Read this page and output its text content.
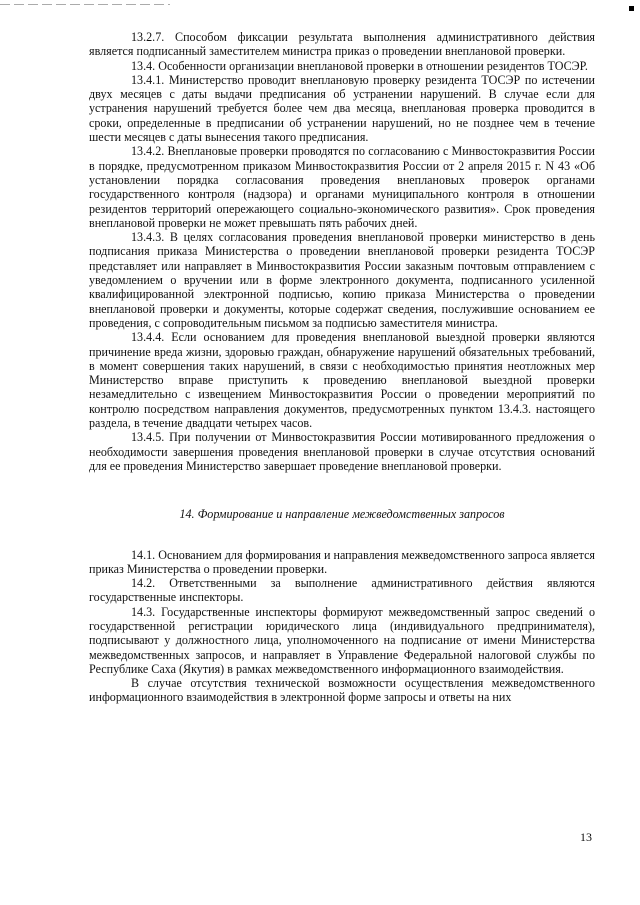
13.2.7. Способом фиксации результата выполнения административного действия является подписанный заместителем министра приказ о проведении внеплановой проверки.

13.4. Особенности организации внеплановой проверки в отношении резидентов ТОСЭР.

13.4.1. Министерство проводит внеплановую проверку резидента ТОСЭР по истечении двух месяцев с даты выдачи предписания об устранении нарушений. В случае если для устранения нарушений требуется более чем два месяца, внеплановая проверка проводится в сроки, определенные в предписании об устранении нарушений, но не позднее чем в течение шести месяцев с даты вынесения такого предписания.

13.4.2. Внеплановые проверки проводятся по согласованию с Минвостокразвития России в порядке, предусмотренном приказом Минвостокразвития России от 2 апреля 2015 г. N 43 «Об установлении порядка согласования проведения внеплановых проверок органами государственного контроля (надзора) и органами муниципального контроля в отношении резидентов территорий опережающего социально-экономического развития». Срок проведения внеплановой проверки не может превышать пять рабочих дней.

13.4.3. В целях согласования проведения внеплановой проверки министерство в день подписания приказа Министерства о проведении внеплановой проверки резидента ТОСЭР представляет или направляет в Минвостокразвития России заказным почтовым отправлением с уведомлением о вручении или в форме электронного документа, подписанного усиленной квалифицированной электронной подписью, копию приказа Министерства о проведении внеплановой проверки и документы, которые содержат сведения, послужившие основанием ее проведения, с сопроводительным письмом за подписью заместителя министра.

13.4.4. Если основанием для проведения внеплановой выездной проверки являются причинение вреда жизни, здоровью граждан, обнаружение нарушений обязательных требований, в момент совершения таких нарушений, в связи с необходимостью принятия неотложных мер Министерство вправе приступить к проведению внеплановой выездной проверки незамедлительно с извещением Минвостокразвития России о проведении мероприятий по контролю посредством направления документов, предусмотренных пунктом 13.4.3. настоящего раздела, в течение двадцати четырех часов.

13.4.5. При получении от Минвостокразвития России мотивированного предложения о необходимости завершения проведения внеплановой проверки в случае отсутствия оснований для ее проведения Министерство завершает проведение внеплановой проверки.

14. Формирование и направление межведомственных запросов

14.1. Основанием для формирования и направления межведомственного запроса является приказ Министерства о проведении проверки.

14.2. Ответственными за выполнение административного действия являются государственные инспекторы.

14.3. Государственные инспекторы формируют межведомственный запрос сведений о государственной регистрации юридического лица (индивидуального предпринимателя), подписывают у должностного лица, уполномоченного на подписание от имени Министерства межведомственных запросов, и направляет в Управление Федеральной налоговой службы по Республике Саха (Якутия) в рамках межведомственного информационного взаимодействия.

В случае отсутствия технической возможности осуществления межведомственного информационного взаимодействия в электронной форме запросы и ответы на них

13
